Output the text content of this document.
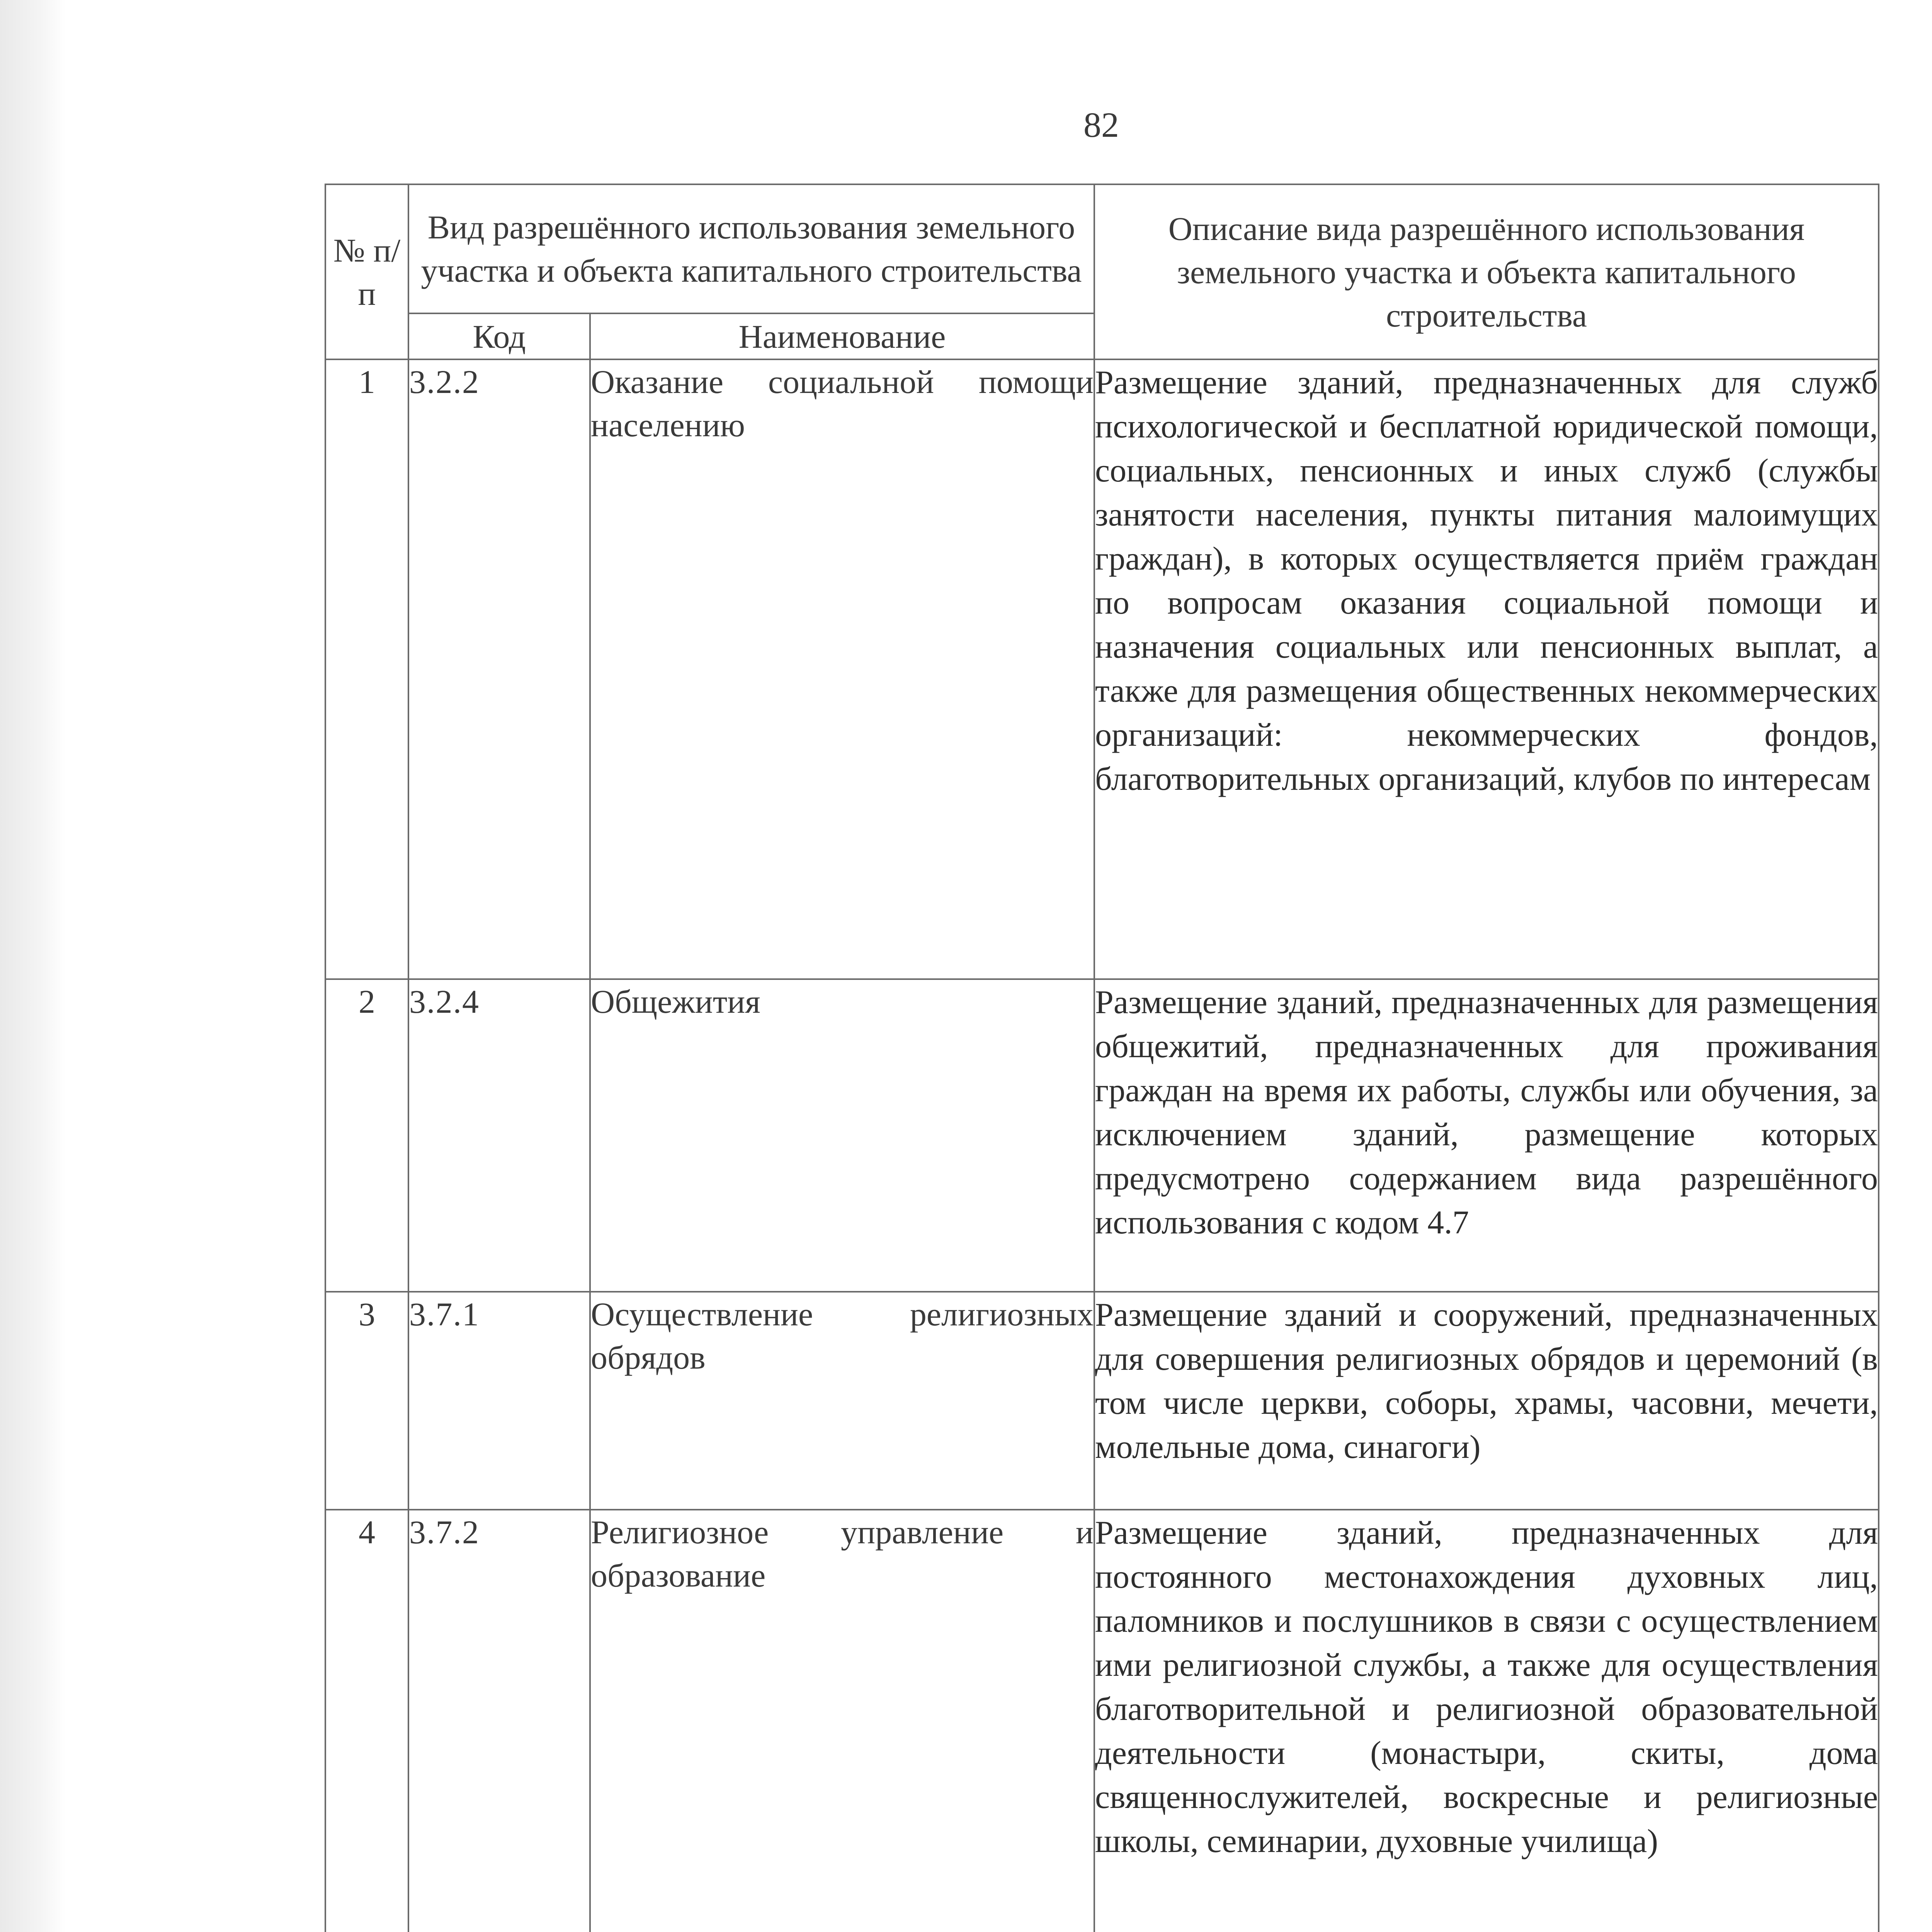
82
№ п/п	Вид разрешённого использования земельного участка и объекта капитального строительства		Описание вида разрешённого использования земельного участка и объекта капитального строительства
	Код	Наименование	
1	3.2.2	Оказание социальной помощи населению	Размещение зданий, предназначенных для служб психологической и бесплатной юридической помощи, социальных, пенсионных и иных служб (службы занятости населения, пункты питания малоимущих граждан), в которых осуществляется приём граждан по вопросам оказания социальной помощи и назначения социальных или пенсионных выплат, а также для размещения общественных некоммерческих организаций: некоммерческих фондов, благотворительных организаций, клубов по интересам
2	3.2.4	Общежития	Размещение зданий, предназначенных для размещения общежитий, предназначенных для проживания граждан на время их работы, службы или обучения, за исключением зданий, размещение которых предусмотрено содержанием вида разрешённого использования с кодом 4.7
3	3.7.1	Осуществление религиозных обрядов	Размещение зданий и сооружений, предназначенных для совершения религиозных обрядов и церемоний (в том числе церкви, соборы, храмы, часовни, мечети, молельные дома, синагоги)
4	3.7.2	Религиозное управление и образование	Размещение зданий, предназначенных для постоянного местонахождения духовных лиц, паломников и послушников в связи с осуществлением ими религиозной службы, а также для осуществления благотворительной и религиозной образовательной деятельности (монастыри, скиты, дома священнослужителей, воскресные и религиозные школы, семинарии, духовные училища)
